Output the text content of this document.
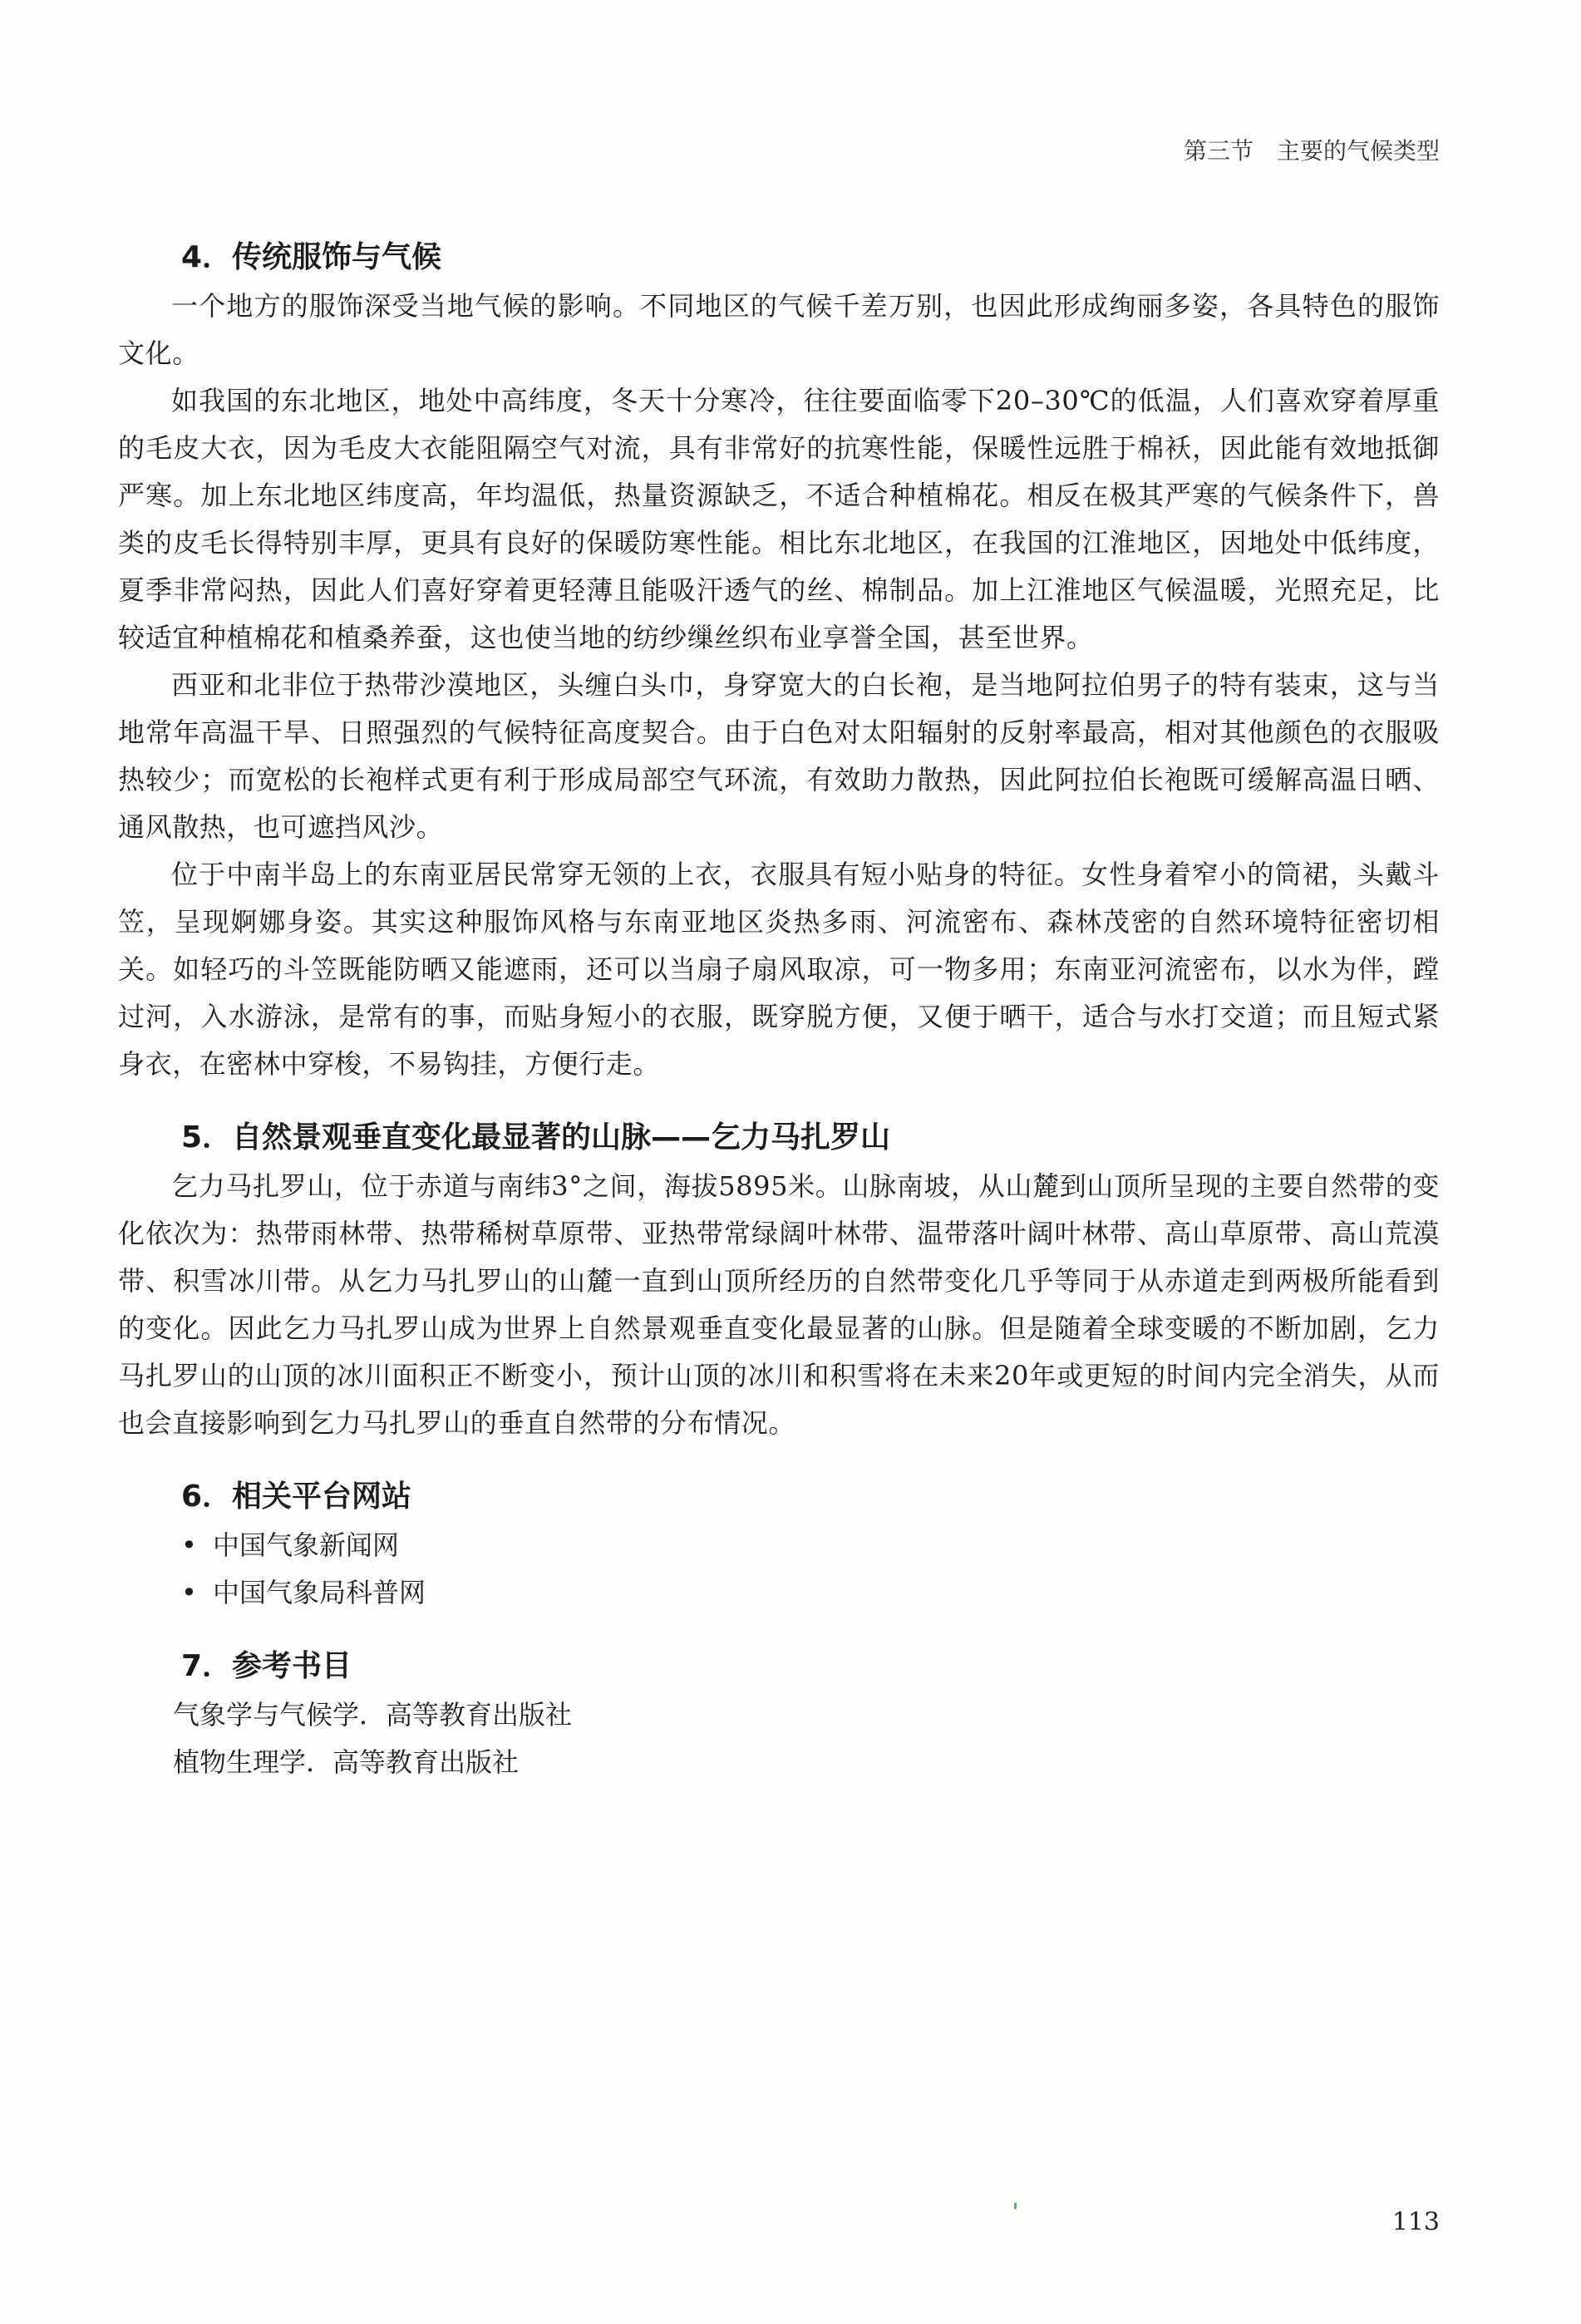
第三节 主要的气候类型
4．传统服饰与气候

一个地方的服饰深受当地气候的影响。不同地区的气候千差万别，也因此形成绚丽多姿，各具特色的服饰文化。

如我国的东北地区，地处中高纬度，冬天十分寒冷，往往要面临零下20–30℃的低温，人们喜欢穿着厚重的毛皮大衣，因为毛皮大衣能阻隔空气对流，具有非常好的抗寒性能，保暖性远胜于棉袄，因此能有效地抵御严寒。加上东北地区纬度高，年均温低，热量资源缺乏，不适合种植棉花。相反在极其严寒的气候条件下，兽类的皮毛长得特别丰厚，更具有良好的保暖防寒性能。相比东北地区，在我国的江淮地区，因地处中低纬度，夏季非常闷热，因此人们喜好穿着更轻薄且能吸汗透气的丝、棉制品。加上江淮地区气候温暖，光照充足，比较适宜种植棉花和植桑养蚕，这也使当地的纺纱缫丝织布业享誉全国，甚至世界。

西亚和北非位于热带沙漠地区，头缠白头巾，身穿宽大的白长袍，是当地阿拉伯男子的特有装束，这与当地常年高温干旱、日照强烈的气候特征高度契合。由于白色对太阳辐射的反射率最高，相对其他颜色的衣服吸热较少；而宽松的长袍样式更有利于形成局部空气环流，有效助力散热，因此阿拉伯长袍既可缓解高温日晒、通风散热，也可遮挡风沙。

位于中南半岛上的东南亚居民常穿无领的上衣，衣服具有短小贴身的特征。女性身着窄小的筒裙，头戴斗笠，呈现婀娜身姿。其实这种服饰风格与东南亚地区炎热多雨、河流密布、森林茂密的自然环境特征密切相关。如轻巧的斗笠既能防晒又能遮雨，还可以当扇子扇风取凉，可一物多用；东南亚河流密布，以水为伴，蹚过河，入水游泳，是常有的事，而贴身短小的衣服，既穿脱方便，又便于晒干，适合与水打交道；而且短式紧身衣，在密林中穿梭，不易钩挂，方便行走。

5．自然景观垂直变化最显著的山脉——乞力马扎罗山

乞力马扎罗山，位于赤道与南纬3°之间，海拔5895米。山脉南坡，从山麓到山顶所呈现的主要自然带的变化依次为：热带雨林带、热带稀树草原带、亚热带常绿阔叶林带、温带落叶阔叶林带、高山草原带、高山荒漠带、积雪冰川带。从乞力马扎罗山的山麓一直到山顶所经历的自然带变化几乎等同于从赤道走到两极所能看到的变化。因此乞力马扎罗山成为世界上自然景观垂直变化最显著的山脉。但是随着全球变暖的不断加剧，乞力马扎罗山的山顶的冰川面积正不断变小，预计山顶的冰川和积雪将在未来20年或更短的时间内完全消失，从而也会直接影响到乞力马扎罗山的垂直自然带的分布情况。

6．相关平台网站
• 中国气象新闻网
• 中国气象局科普网
7．参考书目
气象学与气候学．高等教育出版社
植物生理学．高等教育出版社
113
